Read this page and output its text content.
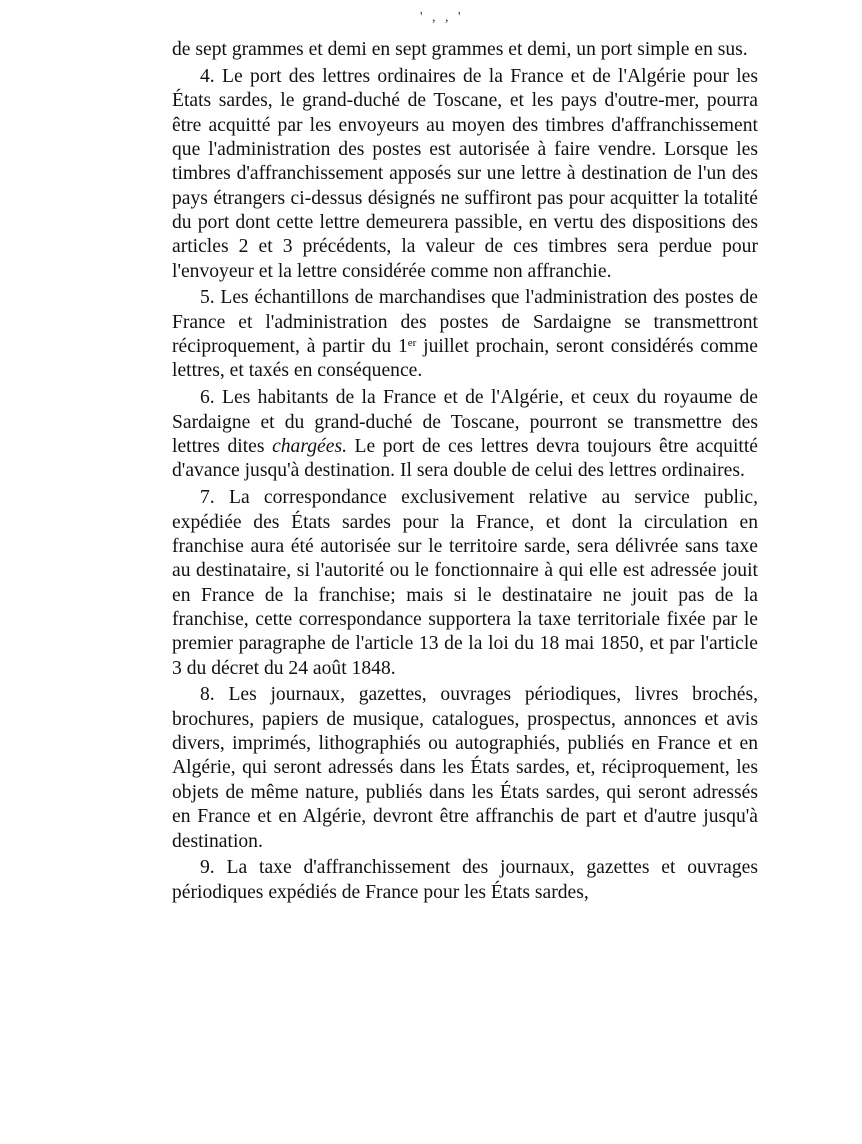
' , , '

de sept grammes et demi en sept grammes et demi, un port simple en sus.

4. Le port des lettres ordinaires de la France et de l'Algérie pour les États sardes, le grand-duché de Toscane, et les pays d'outre-mer, pourra être acquitté par les envoyeurs au moyen des timbres d'affranchissement que l'administration des postes est autorisée à faire vendre. Lorsque les timbres d'affranchissement apposés sur une lettre à destination de l'un des pays étrangers ci-dessus désignés ne suffiront pas pour acquitter la totalité du port dont cette lettre demeurera passible, en vertu des dispositions des articles 2 et 3 précédents, la valeur de ces timbres sera perdue pour l'envoyeur et la lettre considérée comme non affranchie.

5. Les échantillons de marchandises que l'administration des postes de France et l'administration des postes de Sardaigne se transmettront réciproquement, à partir du 1er juillet prochain, seront considérés comme lettres, et taxés en conséquence.

6. Les habitants de la France et de l'Algérie, et ceux du royaume de Sardaigne et du grand-duché de Toscane, pourront se transmettre des lettres dites chargées. Le port de ces lettres devra toujours être acquitté d'avance jusqu'à destination. Il sera double de celui des lettres ordinaires.

7. La correspondance exclusivement relative au service public, expédiée des États sardes pour la France, et dont la circulation en franchise aura été autorisée sur le territoire sarde, sera délivrée sans taxe au destinataire, si l'autorité ou le fonctionnaire à qui elle est adressée jouit en France de la franchise; mais si le destinataire ne jouit pas de la franchise, cette correspondance supportera la taxe territoriale fixée par le premier paragraphe de l'article 13 de la loi du 18 mai 1850, et par l'article 3 du décret du 24 août 1848.

8. Les journaux, gazettes, ouvrages périodiques, livres brochés, brochures, papiers de musique, catalogues, prospectus, annonces et avis divers, imprimés, lithographiés ou autographiés, publiés en France et en Algérie, qui seront adressés dans les États sardes, et, réciproquement, les objets de même nature, publiés dans les États sardes, qui seront adressés en France et en Algérie, devront être affranchis de part et d'autre jusqu'à destination.

9. La taxe d'affranchissement des journaux, gazettes et ouvrages périodiques expédiés de France pour les États sardes,
